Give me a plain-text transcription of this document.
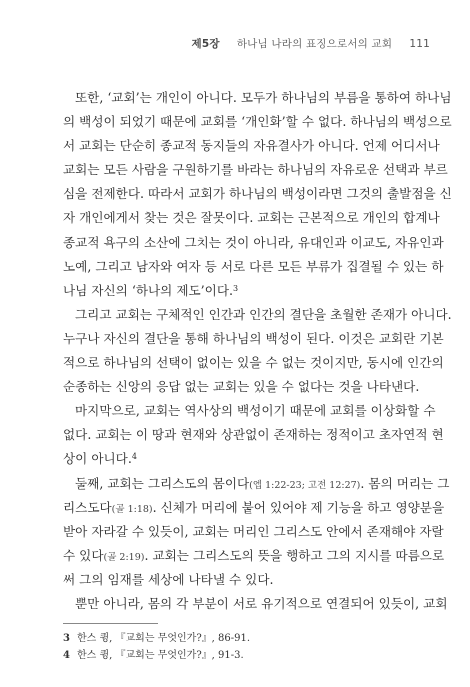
제5장 하나님 나라의 표징으로서의 교회 111
또한, ‘교회’는 개인이 아니다. 모두가 하나님의 부름을 통하여 하나님
의 백성이 되었기 때문에 교회를 ‘개인화’할 수 없다. 하나님의 백성으로
서 교회는 단순히 종교적 동지들의 자유결사가 아니다. 언제 어디서나
교회는 모든 사람을 구원하기를 바라는 하나님의 자유로운 선택과 부르
심을 전제한다. 따라서 교회가 하나님의 백성이라면 그것의 출발점을 신
자 개인에게서 찾는 것은 잘못이다. 교회는 근본적으로 개인의 합계나
종교적 욕구의 소산에 그치는 것이 아니라, 유대인과 이교도, 자유인과
노예, 그리고 남자와 여자 등 서로 다른 모든 부류가 집결될 수 있는 하
나님 자신의 ‘하나의 제도’이다.$^3$
그리고 교회는 구체적인 인간과 인간의 결단을 초월한 존재가 아니다.
누구나 자신의 결단을 통해 하나님의 백성이 된다. 이것은 교회란 기본
적으로 하나님의 선택이 없이는 있을 수 없는 것이지만, 동시에 인간의
순종하는 신앙의 응답 없는 교회는 있을 수 없다는 것을 나타낸다.
마지막으로, 교회는 역사상의 백성이기 때문에 교회를 이상화할 수
없다. 교회는 이 땅과 현재와 상관없이 존재하는 정적이고 초자연적 현
상이 아니다.$^4$
둘째, 교회는 그리스도의 몸이다(엡 1:22-23; 고전 12:27). 몸의 머리는 그
리스도다(골 1:18). 신체가 머리에 붙어 있어야 제 기능을 하고 영양분을
받아 자라갈 수 있듯이, 교회는 머리인 그리스도 안에서 존재해야 자랄
수 있다(골 2:19). 교회는 그리스도의 뜻을 행하고 그의 지시를 따름으로
써 그의 임재를 세상에 나타낼 수 있다.
뿐만 아니라, 몸의 각 부분이 서로 유기적으로 연결되어 있듯이, 교회
3 한스 큉, 『교회는 무엇인가?』, 86-91.
4 한스 큉, 『교회는 무엇인가?』, 91-3.
